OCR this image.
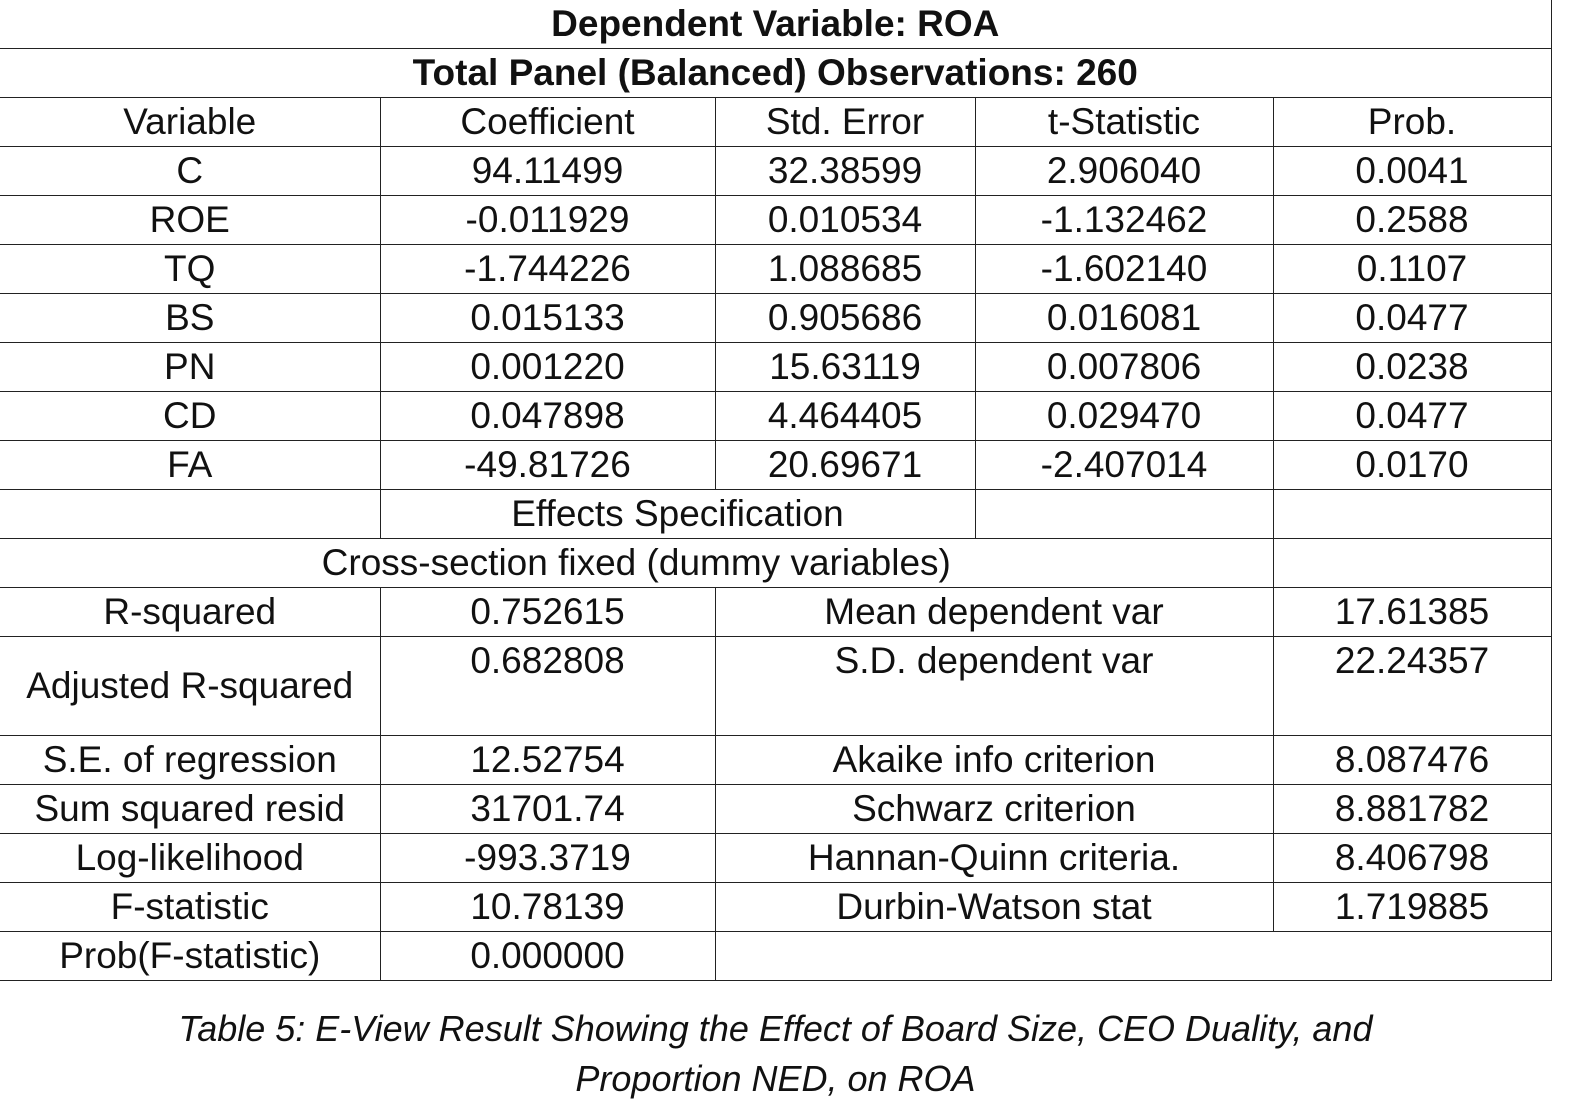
Dependent Variable: ROA				
Total Panel (Balanced) Observations: 260				
Variable	Coefficient	Std. Error	t-Statistic	Prob.
C	94.11499	32.38599	2.906040	0.0041
ROE	-0.011929	0.010534	-1.132462	0.2588
TQ	-1.744226	1.088685	-1.602140	0.1107
BS	0.015133	0.905686	0.016081	0.0477
PN	0.001220	15.63119	0.007806	0.0238
CD	0.047898	4.464405	0.029470	0.0477
FA	-49.81726	20.69671	-2.407014	0.0170
	Effects Specification			
Cross-section fixed (dummy variables)				
R-squared	0.752615	Mean dependent var		17.61385
Adjusted R-squared	0.682808	S.D. dependent var		22.24357
S.E. of regression	12.52754	Akaike info criterion		8.087476
Sum squared resid	31701.74	Schwarz criterion		8.881782
Log-likelihood	-993.3719	Hannan-Quinn criteria.		8.406798
F-statistic	10.78139	Durbin-Watson stat		1.719885
Prob(F-statistic)	0.000000			
Table 5: E-View Result Showing the Effect of Board Size, CEO Duality, and
Proportion NED, on ROA
